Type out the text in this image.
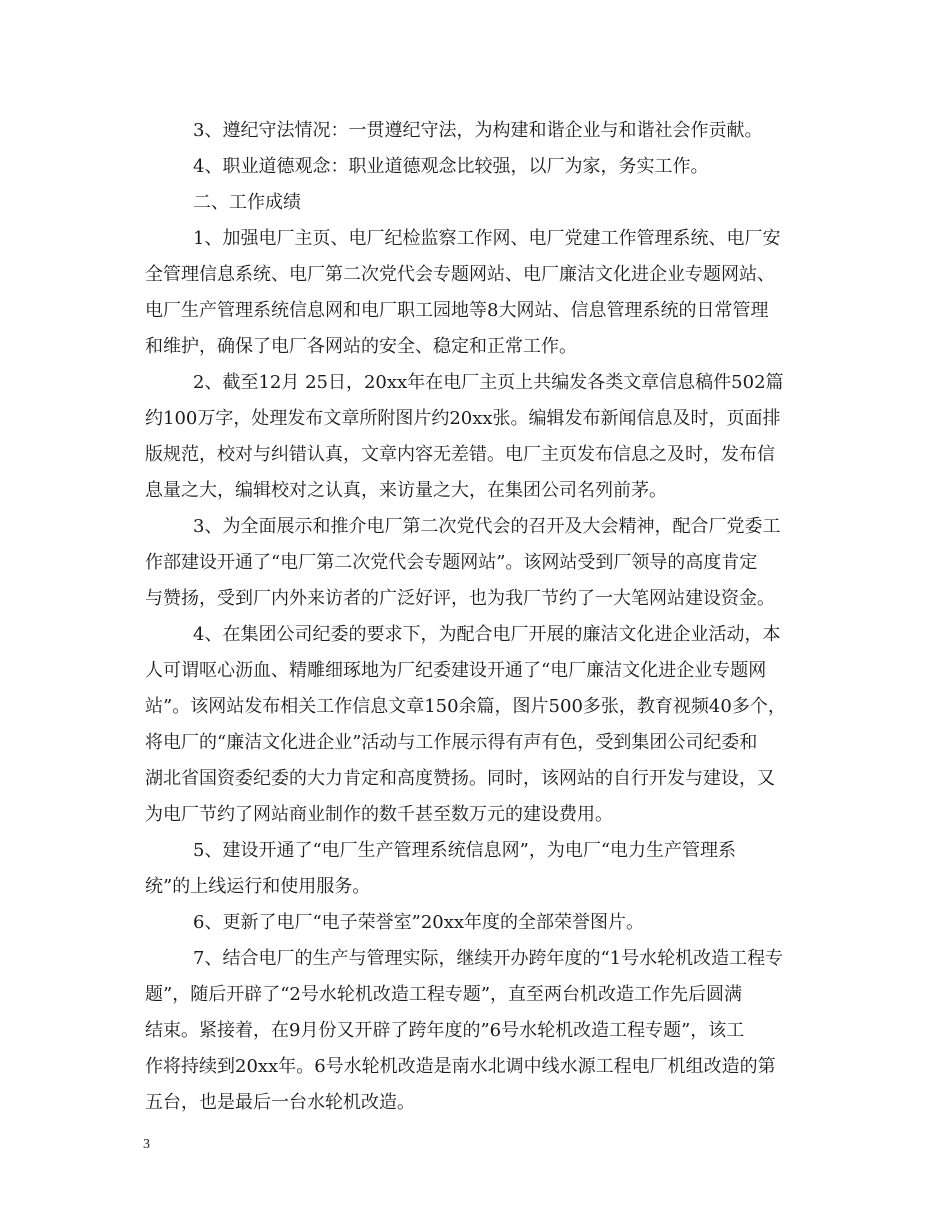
3、遵纪守法情况：一贯遵纪守法，为构建和谐企业与和谐社会作贡献。
4、职业道德观念：职业道德观念比较强，以厂为家，务实工作。
二、工作成绩
1、加强电厂主页、电厂纪检监察工作网、电厂党建工作管理系统、电厂安
全管理信息系统、电厂第二次党代会专题网站、电厂廉洁文化进企业专题网站、
电厂生产管理系统信息网和电厂职工园地等8大网站、信息管理系统的日常管理
和维护，确保了电厂各网站的安全、稳定和正常工作。
2、截至12月 25日，20xx年在电厂主页上共编发各类文章信息稿件502篇
约100万字，处理发布文章所附图片约20xx张。编辑发布新闻信息及时，页面排
版规范，校对与纠错认真，文章内容无差错。电厂主页发布信息之及时，发布信
息量之大，编辑校对之认真，来访量之大，在集团公司名列前茅。
3、为全面展示和推介电厂第二次党代会的召开及大会精神，配合厂党委工
作部建设开通了“电厂第二次党代会专题网站”。该网站受到厂领导的高度肯定
与赞扬，受到厂内外来访者的广泛好评，也为我厂节约了一大笔网站建设资金。
4、在集团公司纪委的要求下，为配合电厂开展的廉洁文化进企业活动，本
人可谓呕心沥血、精雕细琢地为厂纪委建设开通了“电厂廉洁文化进企业专题网
站”。该网站发布相关工作信息文章150余篇，图片500多张，教育视频40多个，
将电厂的“廉洁文化进企业”活动与工作展示得有声有色，受到集团公司纪委和
湖北省国资委纪委的大力肯定和高度赞扬。同时，该网站的自行开发与建设，又
为电厂节约了网站商业制作的数千甚至数万元的建设费用。
5、建设开通了“电厂生产管理系统信息网”，为电厂“电力生产管理系
统”的上线运行和使用服务。
6、更新了电厂“电子荣誉室”20xx年度的全部荣誉图片。
7、结合电厂的生产与管理实际，继续开办跨年度的“1号水轮机改造工程专
题”，随后开辟了“2号水轮机改造工程专题”，直至两台机改造工作先后圆满
结束。紧接着，在9月份又开辟了跨年度的”6号水轮机改造工程专题”，该工
作将持续到20xx年。6号水轮机改造是南水北调中线水源工程电厂机组改造的第
五台，也是最后一台水轮机改造。
3
